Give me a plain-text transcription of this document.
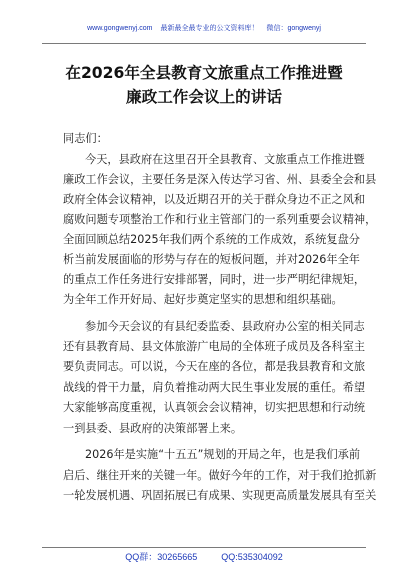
www.gongwenyj.com 最新最全最专业的公文资料库！ 微信：gongwenyj
在2026年全县教育文旅重点工作推进暨
廉政工作会议上的讲话
同志们：
今天，县政府在这里召开全县教育、文旅重点工作推进暨
廉政工作会议，主要任务是深入传达学习省、州、县委全会和县
政府全体会议精神，以及近期召开的关于群众身边不正之风和
腐败问题专项整治工作和行业主管部门的一系列重要会议精神，
全面回顾总结2025年我们两个系统的工作成效，系统复盘分
析当前发展面临的形势与存在的短板问题，并对2026年全年
的重点工作任务进行安排部署，同时，进一步严明纪律规矩，
为全年工作开好局、起好步奠定坚实的思想和组织基础。
参加今天会议的有县纪委监委、县政府办公室的相关同志
还有县教育局、县文体旅游广电局的全体班子成员及各科室主
要负责同志。可以说，今天在座的各位，都是我县教育和文旅
战线的骨干力量，肩负着推动两大民生事业发展的重任。希望
大家能够高度重视，认真领会会议精神，切实把思想和行动统
一到县委、县政府的决策部署上来。
2026年是实施“十五五”规划的开局之年，也是我们承前
启后、继往开来的关键一年。做好今年的工作，对于我们抢抓新
一轮发展机遇、巩固拓展已有成果、实现更高质量发展具有至关
QQ群：30265665	QQ:535304092
